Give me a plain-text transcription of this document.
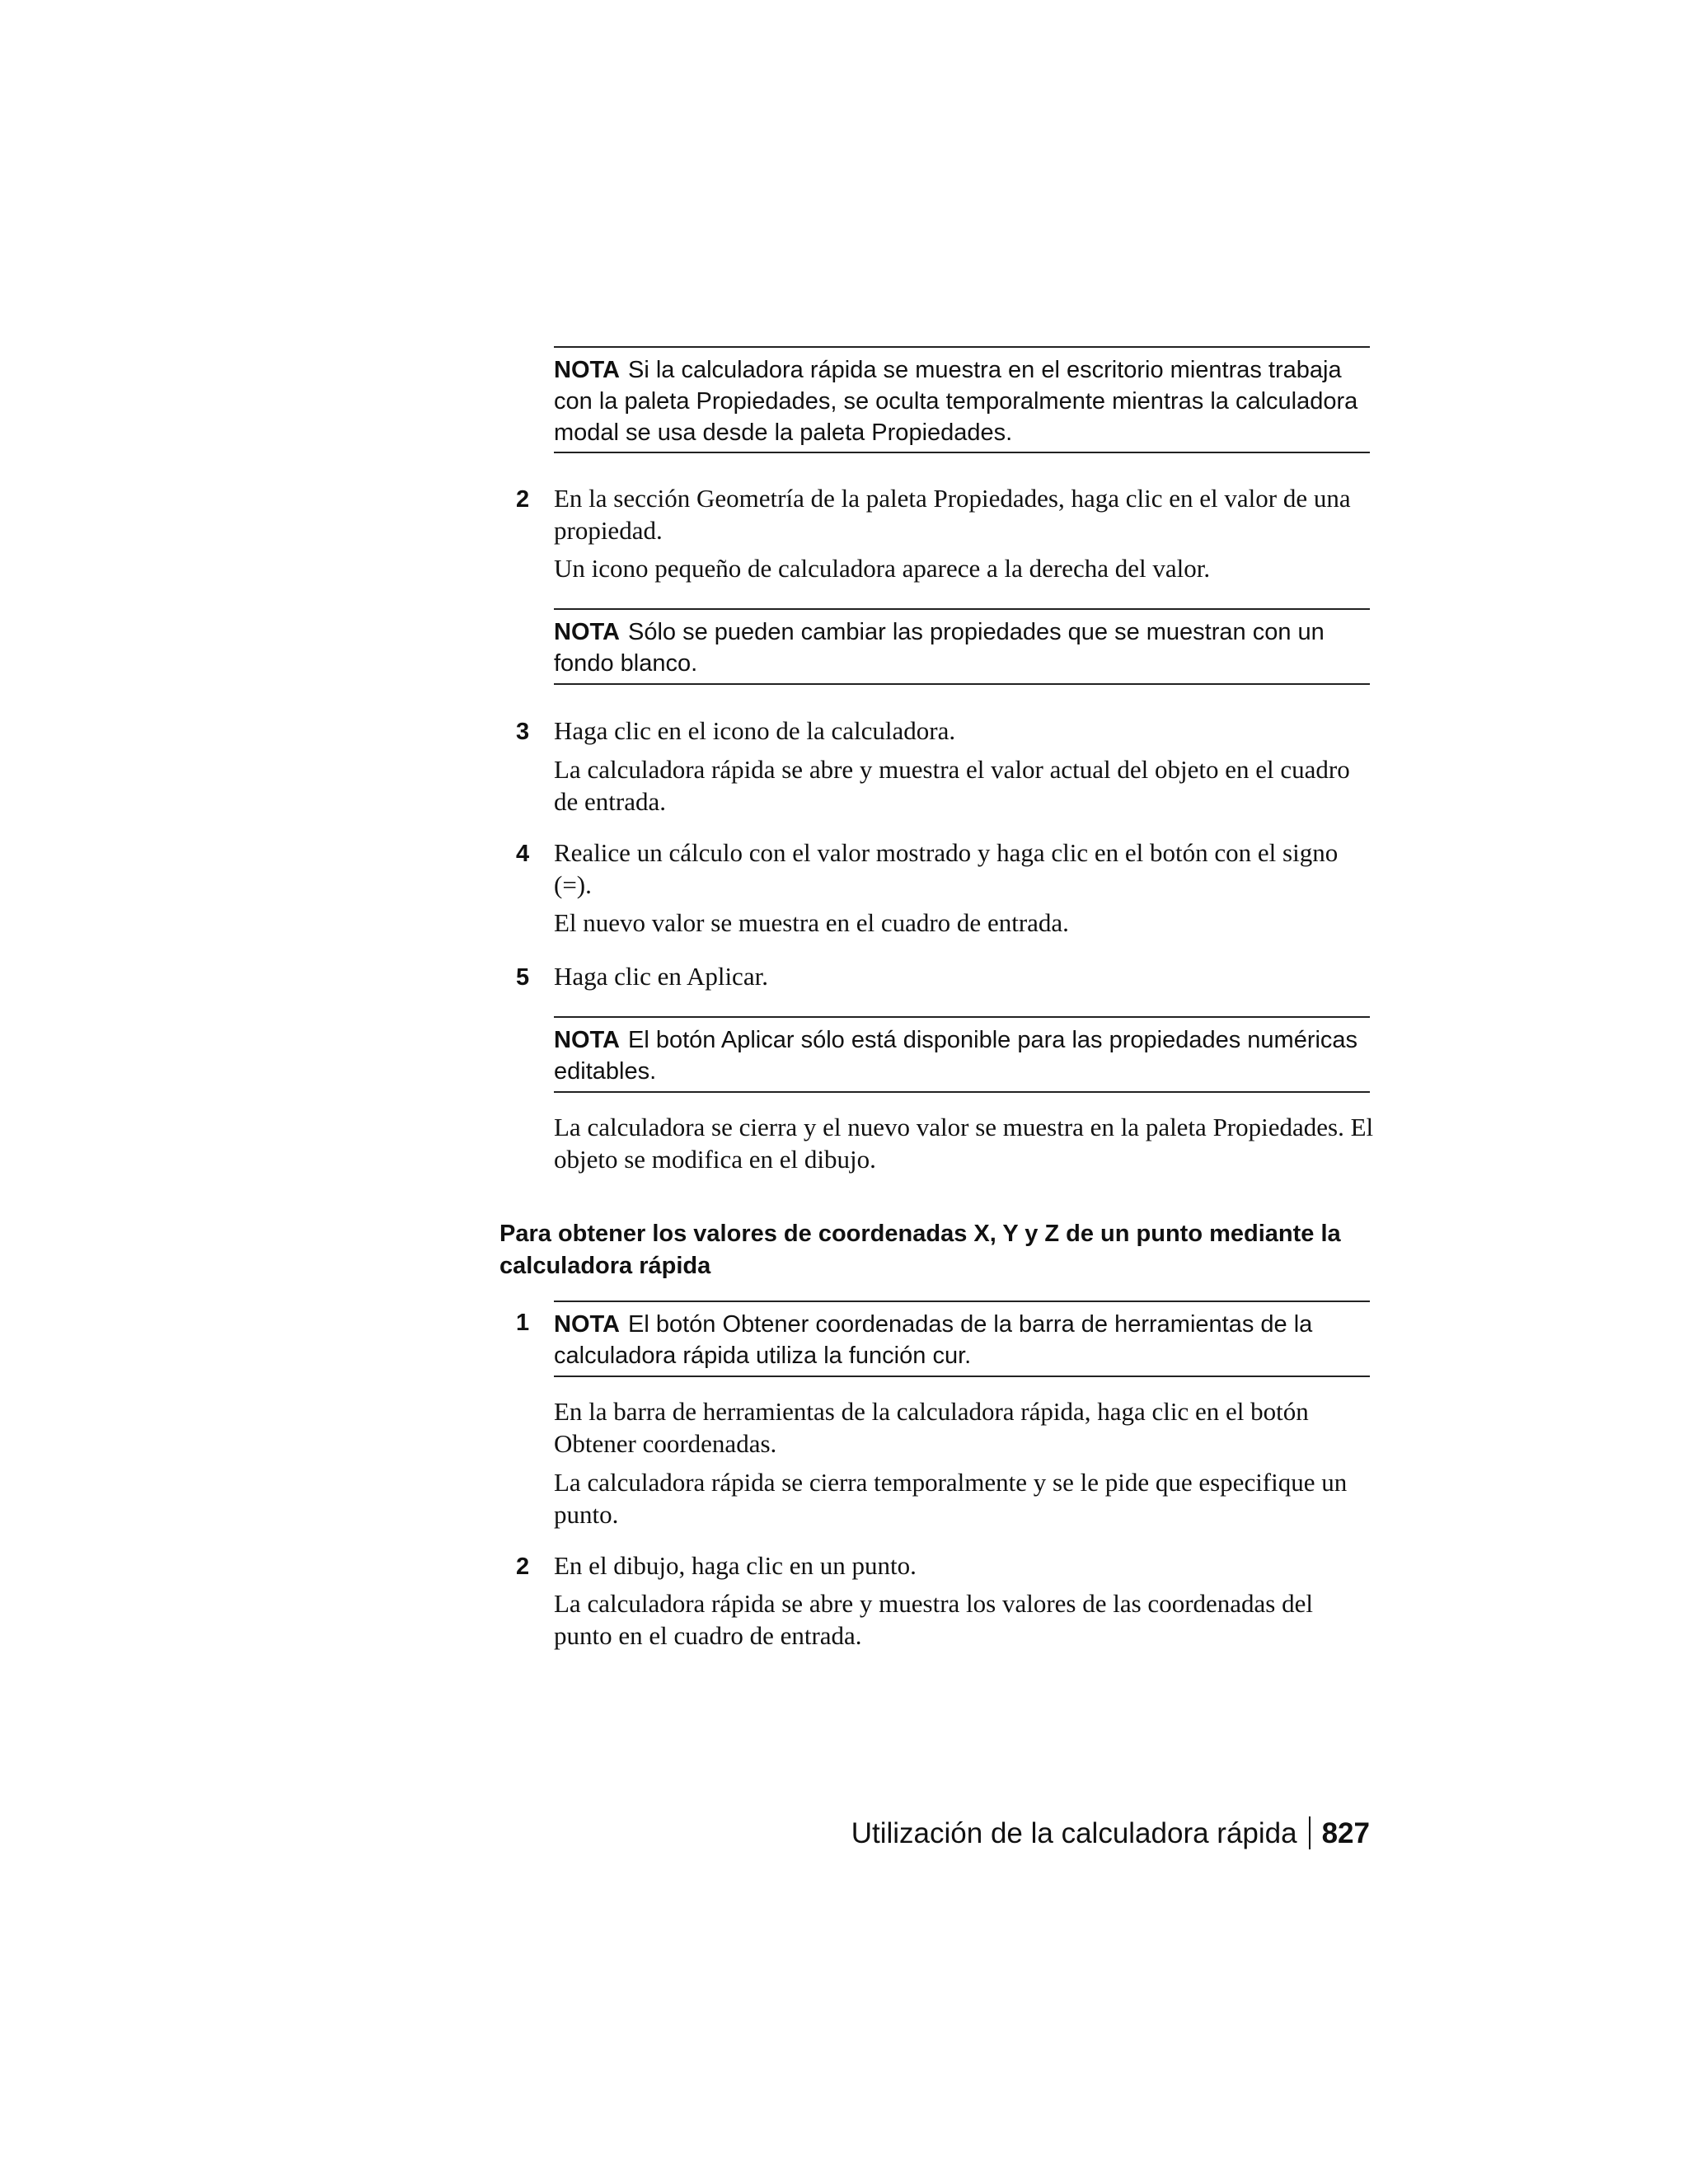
NOTA Si la calculadora rápida se muestra en el escritorio mientras trabaja con la paleta Propiedades, se oculta temporalmente mientras la calculadora modal se usa desde la paleta Propiedades.
2 En la sección Geometría de la paleta Propiedades, haga clic en el valor de una propiedad.
Un icono pequeño de calculadora aparece a la derecha del valor.
NOTA Sólo se pueden cambiar las propiedades que se muestran con un fondo blanco.
3 Haga clic en el icono de la calculadora.
La calculadora rápida se abre y muestra el valor actual del objeto en el cuadro de entrada.
4 Realice un cálculo con el valor mostrado y haga clic en el botón con el signo (=).
El nuevo valor se muestra en el cuadro de entrada.
5 Haga clic en Aplicar.
NOTA El botón Aplicar sólo está disponible para las propiedades numéricas editables.
La calculadora se cierra y el nuevo valor se muestra en la paleta Propiedades. El objeto se modifica en el dibujo.
Para obtener los valores de coordenadas X, Y y Z de un punto mediante la calculadora rápida
1 NOTA El botón Obtener coordenadas de la barra de herramientas de la calculadora rápida utiliza la función cur.
En la barra de herramientas de la calculadora rápida, haga clic en el botón Obtener coordenadas.
La calculadora rápida se cierra temporalmente y se le pide que especifique un punto.
2 En el dibujo, haga clic en un punto.
La calculadora rápida se abre y muestra los valores de las coordenadas del punto en el cuadro de entrada.
Utilización de la calculadora rápida 827
